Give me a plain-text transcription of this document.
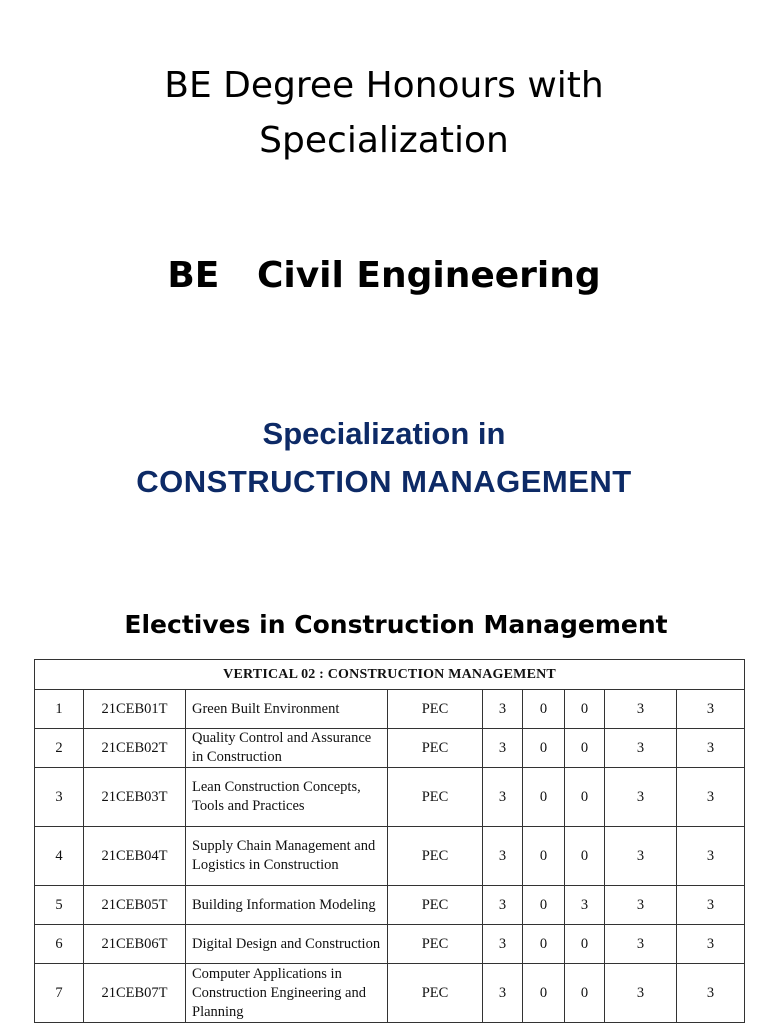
BE Degree Honours with
Specialization
BE   Civil Engineering
Specialization in
CONSTRUCTION MANAGEMENT
Electives in Construction Management
VERTICAL 02 : CONSTRUCTION MANAGEMENT								
1	21CEB01T	Green Built Environment	PEC	3	0	0	3	3
2	21CEB02T	Quality Control and Assurance in Construction	PEC	3	0	0	3	3
3	21CEB03T	Lean Construction Concepts, Tools and Practices	PEC	3	0	0	3	3
4	21CEB04T	Supply Chain Management and Logistics in Construction	PEC	3	0	0	3	3
5	21CEB05T	Building Information Modeling	PEC	3	0	3	3	3
6	21CEB06T	Digital Design and Construction	PEC	3	0	0	3	3
7	21CEB07T	Computer Applications in Construction Engineering and Planning	PEC	3	0	0	3	3
